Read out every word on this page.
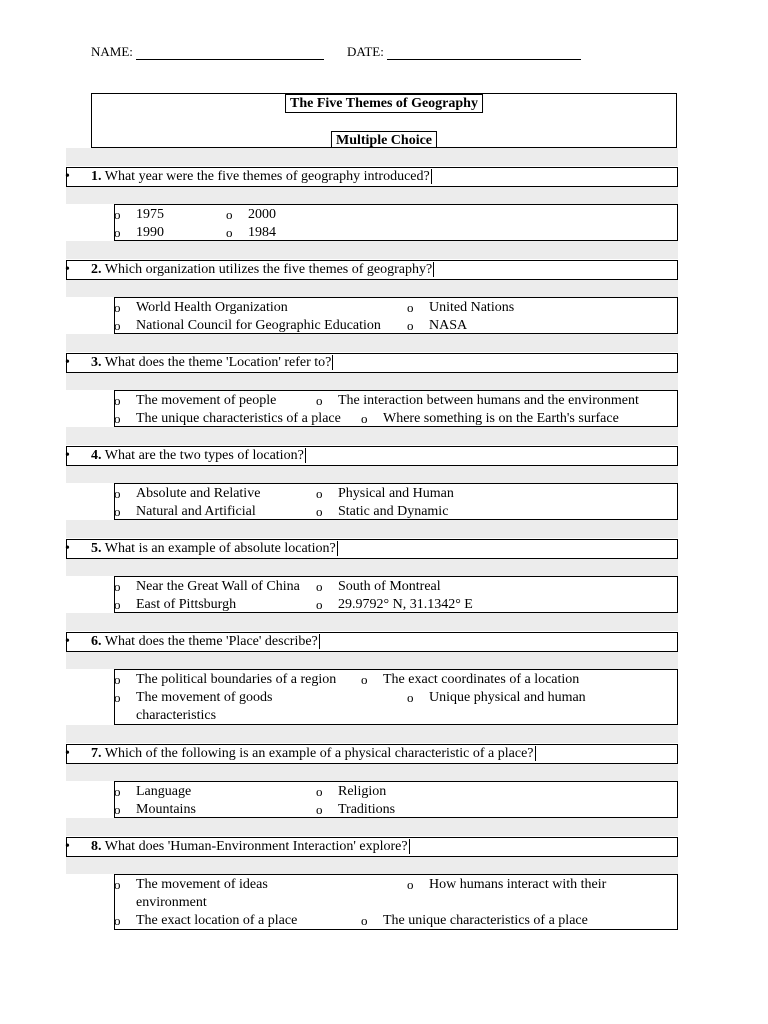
NAME:	DATE:
The Five Themes of Geography
Multiple Choice
• 1. What year were the five themes of geography introduced?
o 1975	o 2000
o 1990	o 1984
• 2. Which organization utilizes the five themes of geography?
o World Health Organization	o United Nations
o National Council for Geographic Education o NASA
• 3. What does the theme 'Location' refer to?
o The movement of people	o The interaction between humans and the environment
o The unique characteristics of a place o Where something is on the Earth's surface
• 4. What are the two types of location?
o Absolute and Relative	o Physical and Human
o Natural and Artificial	o Static and Dynamic
• 5. What is an example of absolute location?
o Near the Great Wall of China o South of Montreal
o East of Pittsburgh	o 29.9792° N, 31.1342° E
• 6. What does the theme 'Place' describe?
o The political boundaries of a region o The exact coordinates of a location
o The movement of goods	o Unique physical and human
characteristics
• 7. Which of the following is an example of a physical characteristic of a place?
o Language	o Religion
o Mountains	o Traditions
• 8. What does 'Human-Environment Interaction' explore?
o The movement of ideas	o How humans interact with their
environment
o The exact location of a place	o The unique characteristics of a place
